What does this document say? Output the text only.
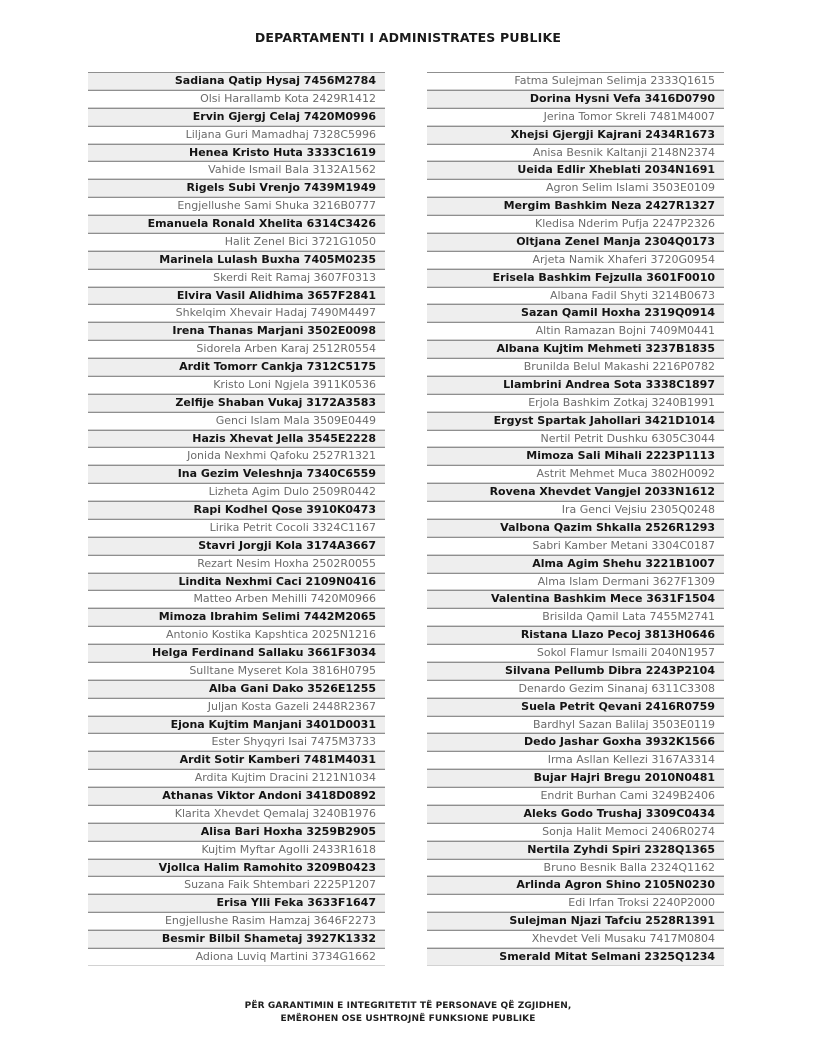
DEPARTAMENTI I ADMINISTRATES PUBLIKE
Sadiana Qatip Hysaj 7456M2784
Olsi Harallamb Kota 2429R1412
Ervin Gjergj Celaj 7420M0996
Liljana Guri Mamadhaj 7328C5996
Henea Kristo Huta 3333C1619
Vahide Ismail Bala 3132A1562
Rigels Subi Vrenjo 7439M1949
Engjellushe Sami Shuka 3216B0777
Emanuela Ronald Xhelita 6314C3426
Halit Zenel Bici 3721G1050
Marinela Lulash Buxha 7405M0235
Skerdi Reit Ramaj 3607F0313
Elvira Vasil Alidhima 3657F2841
Shkelqim Xhevair Hadaj 7490M4497
Irena Thanas Marjani 3502E0098
Sidorela Arben Karaj 2512R0554
Ardit Tomorr Cankja 7312C5175
Kristo Loni Ngjela 3911K0536
Zelfije Shaban Vukaj 3172A3583
Genci Islam Mala 3509E0449
Hazis Xhevat Jella 3545E2228
Jonida Nexhmi Qafoku 2527R1321
Ina Gezim Veleshnja 7340C6559
Lizheta Agim Dulo 2509R0442
Rapi Kodhel Qose 3910K0473
Lirika Petrit Cocoli 3324C1167
Stavri Jorgji Kola 3174A3667
Rezart Nesim Hoxha 2502R0055
Lindita Nexhmi Caci 2109N0416
Matteo Arben Mehilli 7420M0966
Mimoza Ibrahim Selimi 7442M2065
Antonio Kostika Kapshtica 2025N1216
Helga Ferdinand Sallaku 3661F3034
Sulltane Myseret Kola 3816H0795
Alba Gani Dako 3526E1255
Juljan Kosta Gazeli 2448R2367
Ejona Kujtim Manjani 3401D0031
Ester Shyqyri Isai 7475M3733
Ardit Sotir Kamberi 7481M4031
Ardita Kujtim Dracini 2121N1034
Athanas Viktor Andoni 3418D0892
Klarita Xhevdet Qemalaj 3240B1976
Alisa Bari Hoxha 3259B2905
Kujtim Myftar Agolli 2433R1618
Vjollca Halim Ramohito 3209B0423
Suzana Faik Shtembari 2225P1207
Erisa Ylli Feka 3633F1647
Engjellushe Rasim Hamzaj 3646F2273
Besmir Bilbil Shametaj 3927K1332
Adiona Luviq Martini 3734G1662
Fatma Sulejman Selimja 2333Q1615
Dorina Hysni Vefa 3416D0790
Jerina Tomor Skreli 7481M4007
Xhejsi Gjergji Kajrani 2434R1673
Anisa Besnik Kaltanji 2148N2374
Ueida Edlir Xheblati 2034N1691
Agron Selim Islami 3503E0109
Mergim Bashkim Neza 2427R1327
Kledisa Nderim Pufja 2247P2326
Oltjana Zenel Manja 2304Q0173
Arjeta Namik Xhaferi 3720G0954
Erisela Bashkim Fejzulla 3601F0010
Albana Fadil Shyti 3214B0673
Sazan Qamil Hoxha 2319Q0914
Altin Ramazan Bojni 7409M0441
Albana Kujtim Mehmeti 3237B1835
Brunilda Belul Makashi 2216P0782
Llambrini Andrea Sota 3338C1897
Erjola Bashkim Zotkaj 3240B1991
Ergyst Spartak Jahollari 3421D1014
Nertil Petrit Dushku 6305C3044
Mimoza Sali Mihali 2223P1113
Astrit Mehmet Muca 3802H0092
Rovena Xhevdet Vangjel 2033N1612
Ira Genci Vejsiu 2305Q0248
Valbona Qazim Shkalla 2526R1293
Sabri Kamber Metani 3304C0187
Alma Agim Shehu 3221B1007
Alma Islam Dermani 3627F1309
Valentina Bashkim Mece 3631F1504
Brisilda Qamil Lata 7455M2741
Ristana Llazo Pecoj 3813H0646
Sokol Flamur Ismaili 2040N1957
Silvana Pellumb Dibra 2243P2104
Denardo Gezim Sinanaj 6311C3308
Suela Petrit Qevani 2416R0759
Bardhyl Sazan Balilaj 3503E0119
Dedo Jashar Goxha 3932K1566
Irma Asllan Kellezi 3167A3314
Bujar Hajri Bregu 2010N0481
Endrit Burhan Cami 3249B2406
Aleks Godo Trushaj 3309C0434
Sonja Halit Memoci 2406R0274
Nertila Zyhdi Spiri 2328Q1365
Bruno Besnik Balla 2324Q1162
Arlinda Agron Shino 2105N0230
Edi Irfan Troksi 2240P2000
Sulejman Njazi Tafciu 2528R1391
Xhevdet Veli Musaku 7417M0804
Smerald Mitat Selmani 2325Q1234
PËR GARANTIMIN E INTEGRITETIT TË PERSONAVE QË ZGJIDHEN,
EMËROHEN OSE USHTROJNË FUNKSIONE PUBLIKE
